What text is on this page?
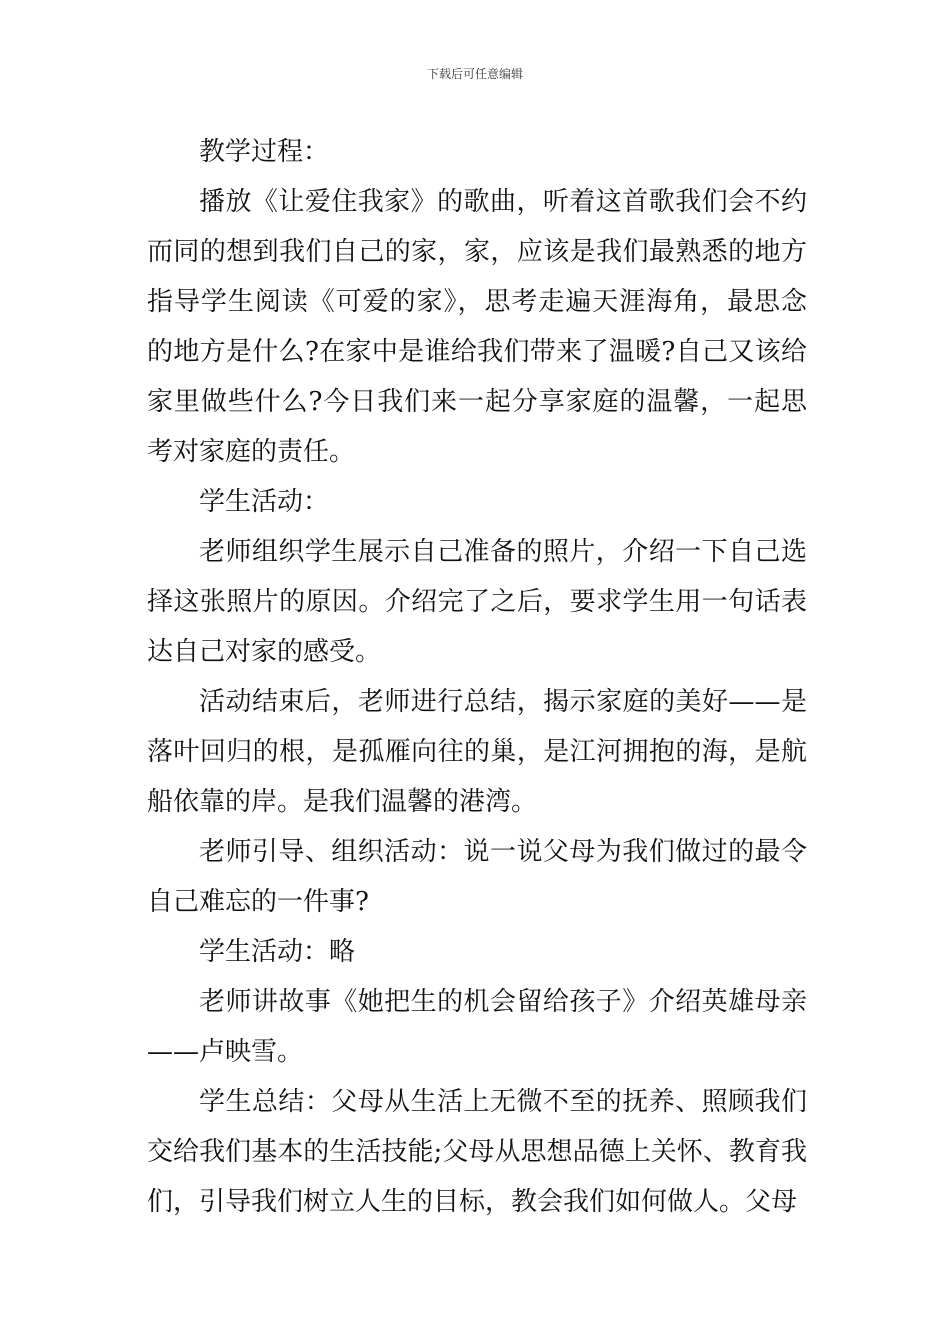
下载后可任意编辑

教学过程：

播放《让爱住我家》的歌曲，听着这首歌我们会不约而同的想到我们自己的家，家，应该是我们最熟悉的地方指导学生阅读《可爱的家》，思考走遍天涯海角，最思念的地方是什么?在家中是谁给我们带来了温暖?自己又该给家里做些什么?今日我们来一起分享家庭的温馨，一起思考对家庭的责任。

学生活动：

老师组织学生展示自己准备的照片，介绍一下自己选择这张照片的原因。介绍完了之后，要求学生用一句话表达自己对家的感受。

活动结束后，老师进行总结，揭示家庭的美好——是落叶回归的根，是孤雁向往的巢，是江河拥抱的海，是航船依靠的岸。是我们温馨的港湾。

老师引导、组织活动：说一说父母为我们做过的最令自己难忘的一件事?

学生活动：略

老师讲故事《她把生的机会留给孩子》介绍英雄母亲——卢映雪。

学生总结：父母从生活上无微不至的抚养、照顾我们交给我们基本的生活技能;父母从思想品德上关怀、教育我们，引导我们树立人生的目标，教会我们如何做人。父母
